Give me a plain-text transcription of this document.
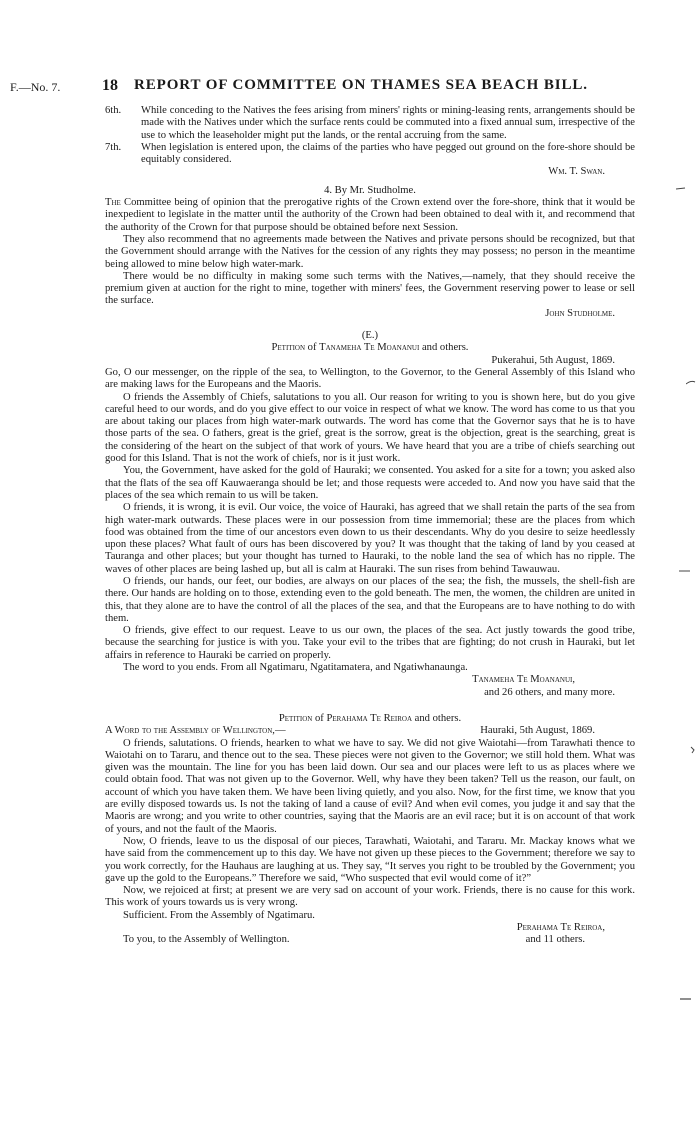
F.—No. 7.	18 REPORT OF COMMITTEE ON THAMES SEA BEACH BILL.

6th. While conceding to the Natives the fees arising from miners' rights or mining-leasing rents, arrangements should be made with the Natives under which the surface rents could be commuted into a fixed annual sum, irrespective of the use to which the leaseholder might put the lands, or the rental accruing from the same.

7th. When legislation is entered upon, the claims of the parties who have pegged out ground on the fore-shore should be equitably considered.

Wm. T. Swan.

4. By Mr. Studholme.

The Committee being of opinion that the prerogative rights of the Crown extend over the fore-shore, think that it would be inexpedient to legislate in the matter until the authority of the Crown had been obtained to deal with it, and recommend that the authority of the Crown for that purpose should be obtained before next Session.

They also recommend that no agreements made between the Natives and private persons should be recognized, but that the Government should arrange with the Natives for the cession of any rights they may possess; no person in the meantime being allowed to mine below high water-mark.

There would be no difficulty in making some such terms with the Natives,—namely, that they should receive the premium given at auction for the right to mine, together with miners' fees, the Government reserving power to lease or sell the surface.

John Studholme.

(E.)

Petition of Tanameha Te Moananui and others.

Pukerahui, 5th August, 1869.

Go, O our messenger, on the ripple of the sea, to Wellington, to the Governor, to the General Assembly of this Island who are making laws for the Europeans and the Maoris.

O friends the Assembly of Chiefs, salutations to you all. Our reason for writing to you is shown here, but do you give careful heed to our words, and do you give effect to our voice in respect of what we know. The word has come to us that you are about taking our places from high water-mark outwards. The word has come that the Governor says that he is to have those parts of the sea. O fathers, great is the grief, great is the sorrow, great is the objection, great is the searching, great is the considering of the heart on the subject of that work of yours. We have heard that you are a tribe of chiefs searching out good for this Island. That is not the work of chiefs, nor is it just work.

You, the Government, have asked for the gold of Hauraki; we consented. You asked for a site for a town; you asked also that the flats of the sea off Kauwaeranga should be let; and those requests were acceded to. And now you have said that the places of the sea which remain to us will be taken.

O friends, it is wrong, it is evil. Our voice, the voice of Hauraki, has agreed that we shall retain the parts of the sea from high water-mark outwards. These places were in our possession from time immemorial; these are the places from which food was obtained from the time of our ancestors even down to us their descendants. Why do you desire to seize heedlessly upon these places? What fault of ours has been discovered by you? It was thought that the taking of land by you ceased at Tauranga and other places; but your thought has turned to Hauraki, to the noble land the sea of which has no ripple. The waves of other places are being lashed up, but all is calm at Hauraki. The sun rises from behind Tawauwau.

O friends, our hands, our feet, our bodies, are always on our places of the sea; the fish, the mussels, the shell-fish are there. Our hands are holding on to those, extending even to the gold beneath. The men, the women, the children are united in this, that they alone are to have the control of all the places of the sea, and that the Europeans are to have nothing to do with them.

O friends, give effect to our request. Leave to us our own, the places of the sea. Act justly towards the good tribe, because the searching for justice is with you. Take your evil to the tribes that are fighting; do not crush in Hauraki, but let affairs in reference to Hauraki be carried on properly.

The word to you ends. From all Ngatimaru, Ngatitamatera, and Ngatiwhanaunga.

Tanameha Te Moananui,

and 26 others, and many more.

Petition of Perahama Te Reiroa and others.

A Word to the Assembly of Wellington,—	Hauraki, 5th August, 1869.

O friends, salutations. O friends, hearken to what we have to say. We did not give Waiotahi—from Tarawhati thence to Waiotahi on to Tararu, and thence out to the sea. These pieces were not given to the Governor; we still hold them. What was given was the mountain. The line for you has been laid down. Our sea and our places were left to us as places where we could obtain food. That was not given up to the Governor. Well, why have they been taken? Tell us the reason, our fault, on account of which you have taken them. We have been living quietly, and you also. Now, for the first time, we know that you are evilly disposed towards us. Is not the taking of land a cause of evil? And when evil comes, you judge it and say that the Maoris are wrong; and you write to other countries, saying that the Maoris are an evil race; but it is on account of that work of yours, and not the fault of the Maoris.

Now, O friends, leave to us the disposal of our pieces, Tarawhati, Waiotahi, and Tararu. Mr. Mackay knows what we have said from the commencement up to this day. We have not given up these pieces to the Government; therefore we say to you work correctly, for the Hauhaus are laughing at us. They say, “It serves you right to be troubled by the Government; you gave up the gold to the Europeans.” Therefore we said, “Who suspected that evil would come of it?”

Now, we rejoiced at first; at present we are very sad on account of your work. Friends, there is no cause for this work. This work of yours towards us is very wrong.

Sufficient. From the Assembly of Ngatimaru.

Perahama Te Reiroa,

To you, to the Assembly of Wellington.	and 11 others.
